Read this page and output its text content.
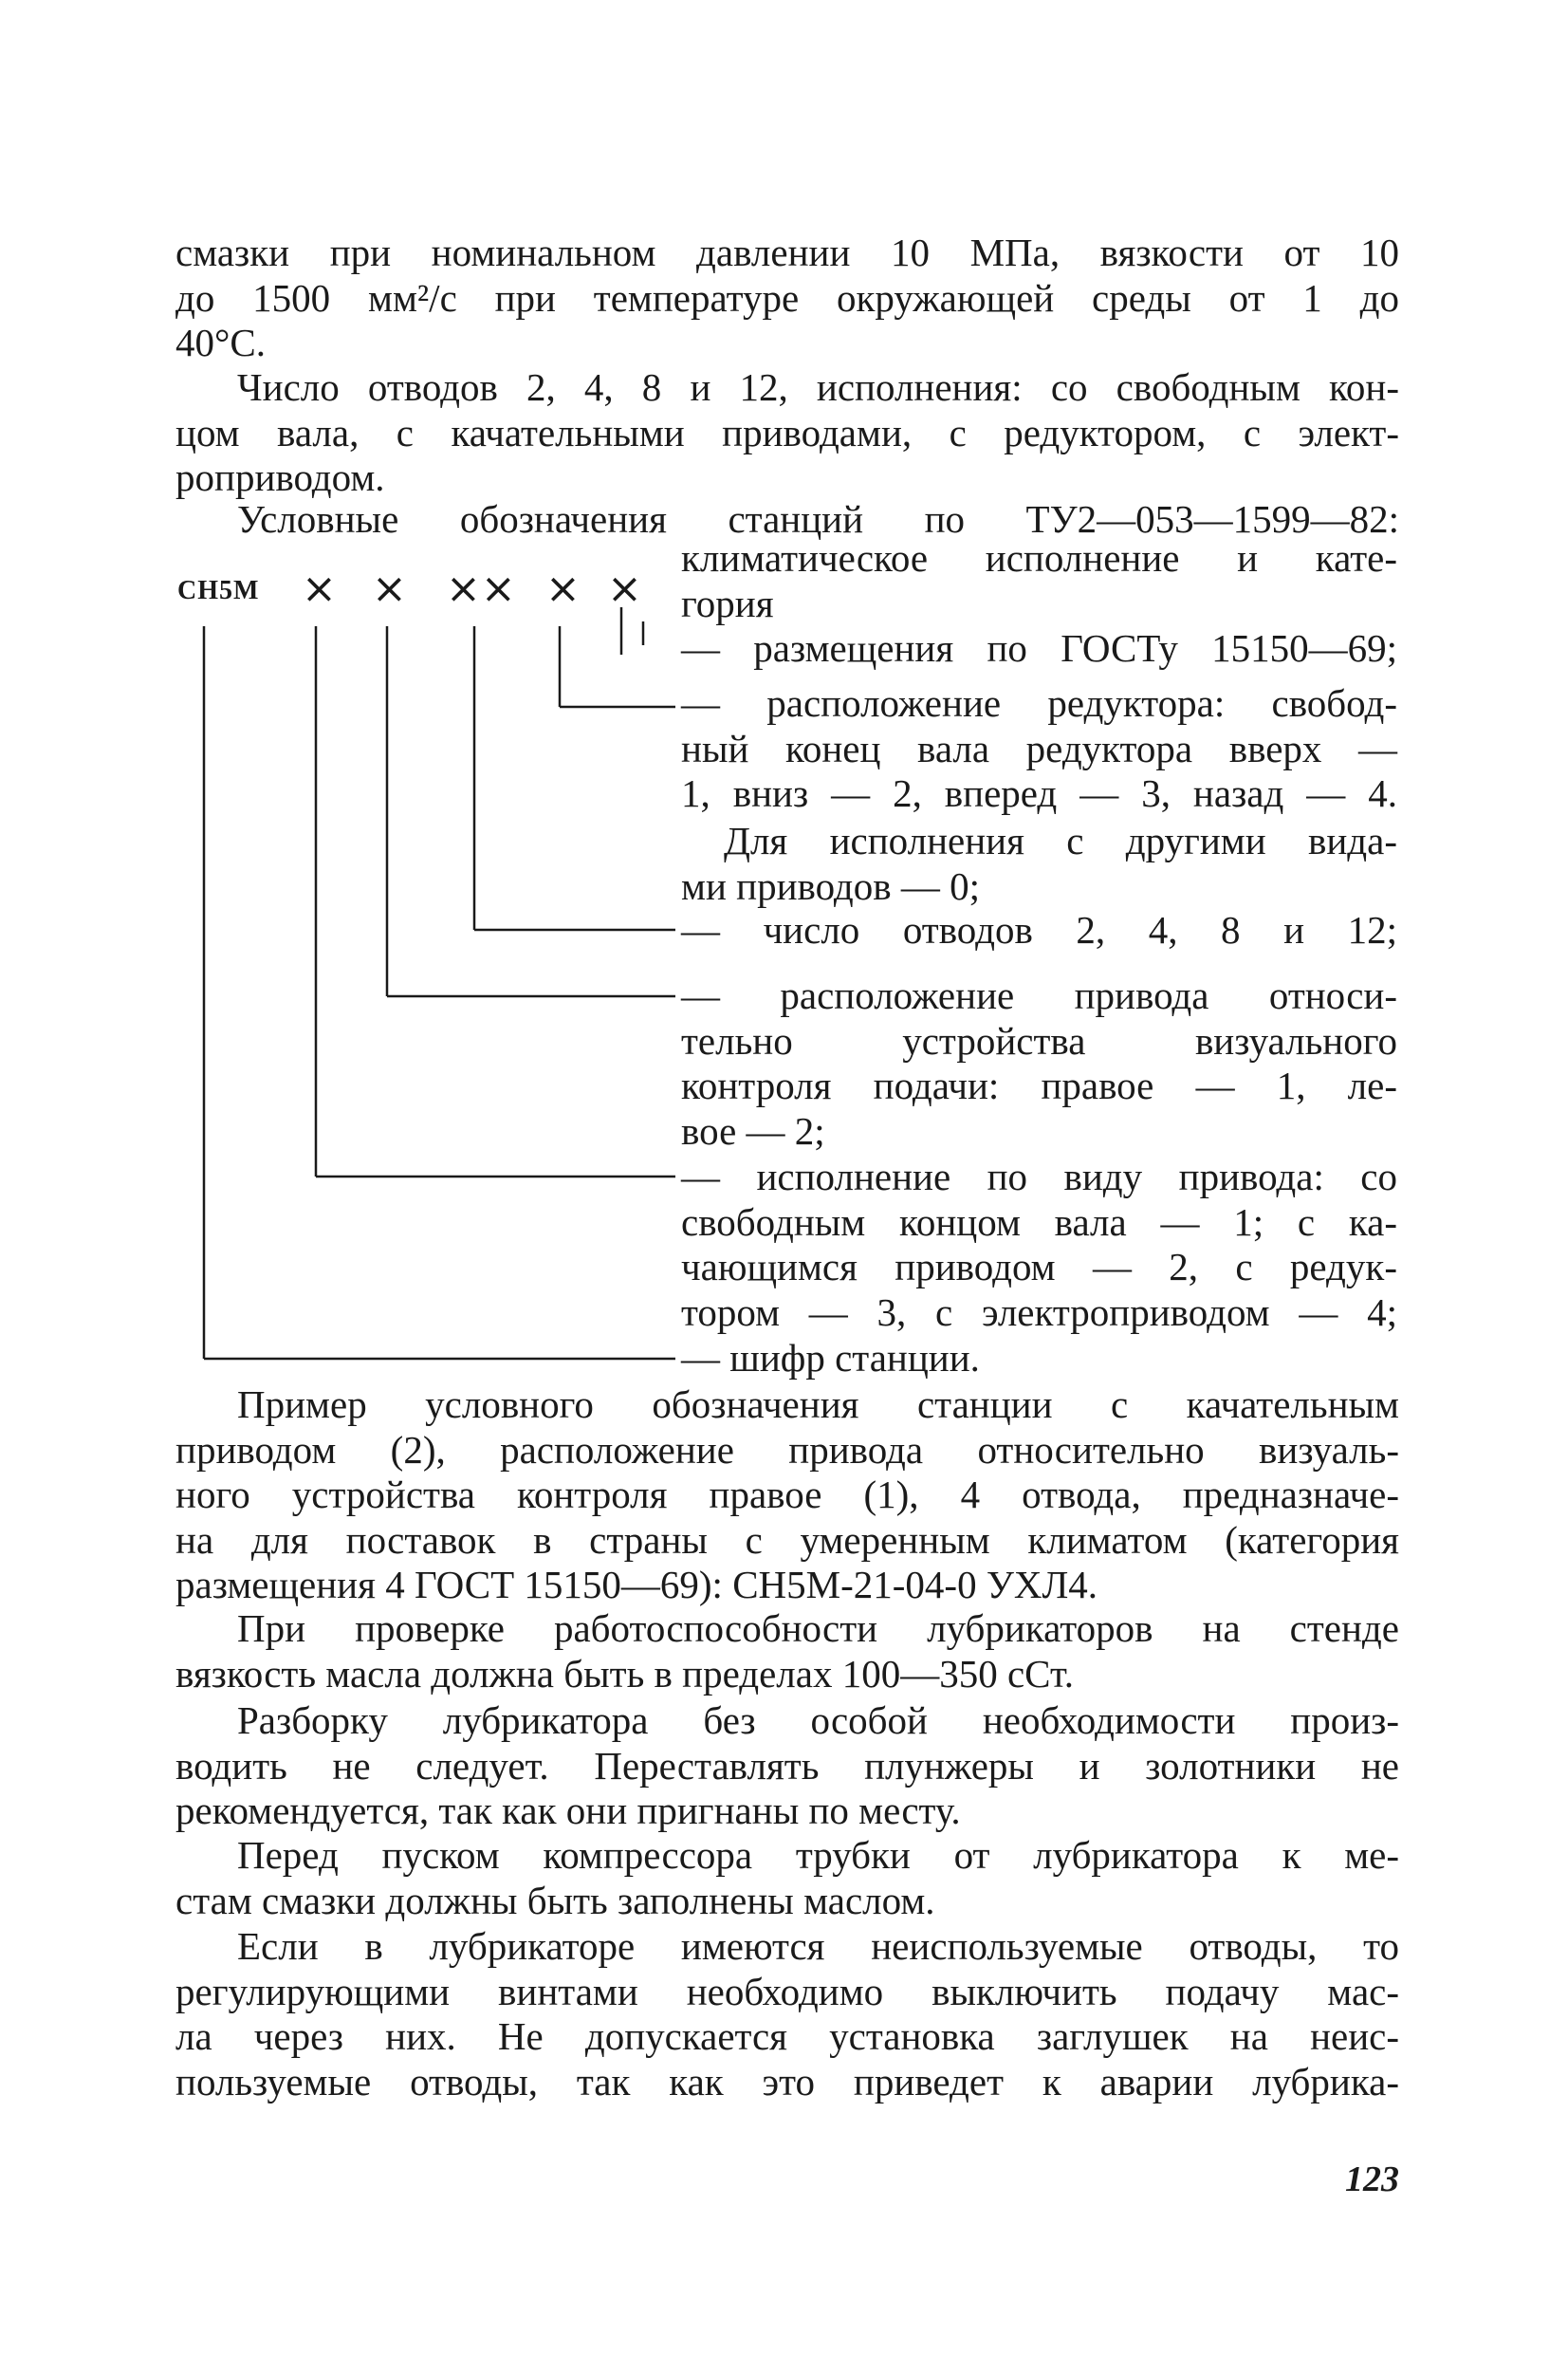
смазки при номинальном давлении 10 МПа, вязкости от 10
до 1500 мм²/с при температуре окружающей среды от 1 до
40°C.
Число отводов 2, 4, 8 и 12, исполнения: со свободным кон-
цом вала, с качательными приводами, с редуктором, с элект-
роприводом.
Условные обозначения станций по ТУ2—053—1599—82:
СН5М × × ×× × ×
климатическое исполнение и кате-
гория
— размещения по ГОСТу 15150—69;
— расположение редуктора: свобод-
ный конец вала редуктора вверх —
1, вниз — 2, вперед — 3, назад — 4.
Для исполнения с другими вида-
ми приводов — 0;
— число отводов 2, 4, 8 и 12;
— расположение привода относи-
тельно устройства визуального
контроля подачи: правое — 1, ле-
вое — 2;
— исполнение по виду привода: со
свободным концом вала — 1; с ка-
чающимся приводом — 2, с редук-
тором — 3, с электроприводом — 4;
— шифр станции.
Пример условного обозначения станции с качательным
приводом (2), расположение привода относительно визуаль-
ного устройства контроля правое (1), 4 отвода, предназначе-
на для поставок в страны с умеренным климатом (категория
размещения 4 ГОСТ 15150—69): СН5М-21-04-0 УХЛ4.
При проверке работоспособности лубрикаторов на стенде
вязкость масла должна быть в пределах 100—350 сСт.
Разборку лубрикатора без особой необходимости произ-
водить не следует. Переставлять плунжеры и золотники не
рекомендуется, так как они пригнаны по месту.
Перед пуском компрессора трубки от лубрикатора к ме-
стам смазки должны быть заполнены маслом.
Если в лубрикаторе имеются неиспользуемые отводы, то
регулирующими винтами необходимо выключить подачу мас-
ла через них. Не допускается установка заглушек на неис-
пользуемые отводы, так как это приведет к аварии лубрика-
123
